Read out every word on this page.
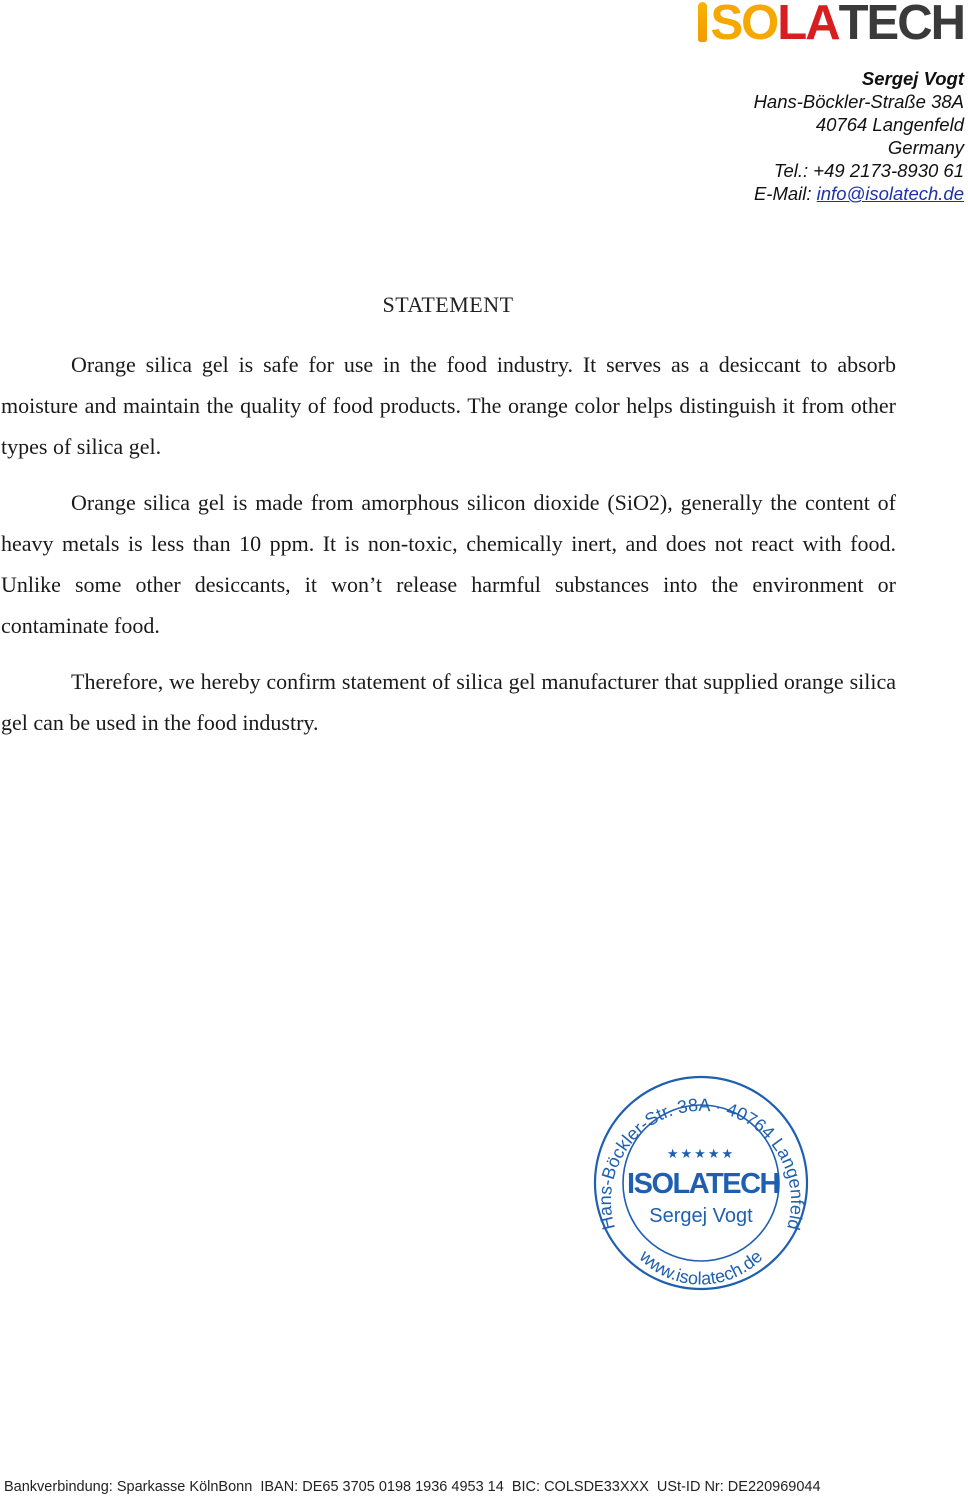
SO LA TECH
Sergej Vogt
Hans-Böckler-Straße 38A
40764 Langenfeld
Germany
Tel.: +49 2173-8930 61
E-Mail: info@isolatech.de
STATEMENT

Orange silica gel is safe for use in the food industry. It serves as a desiccant to absorb moisture and maintain the quality of food products. The orange color helps distinguish it from other types of silica gel.

Orange silica gel is made from amorphous silicon dioxide (SiO2), generally the content of heavy metals is less than 10 ppm. It is non-toxic, chemically inert, and does not react with food. Unlike some other desiccants, it won’t release harmful substances into the environment or contaminate food.

Therefore, we hereby confirm statement of silica gel manufacturer that supplied orange silica gel can be used in the food industry.

Hans-Böckler-Str. 38A · 40764 Langenfeld
www.isolatech.de
★★★★★
ISOLATECH
Sergej Vogt
Bankverbindung: Sparkasse KölnBonn  IBAN: DE65 3705 0198 1936 4953 14  BIC: COLSDE33XXX  USt-ID Nr: DE220969044
